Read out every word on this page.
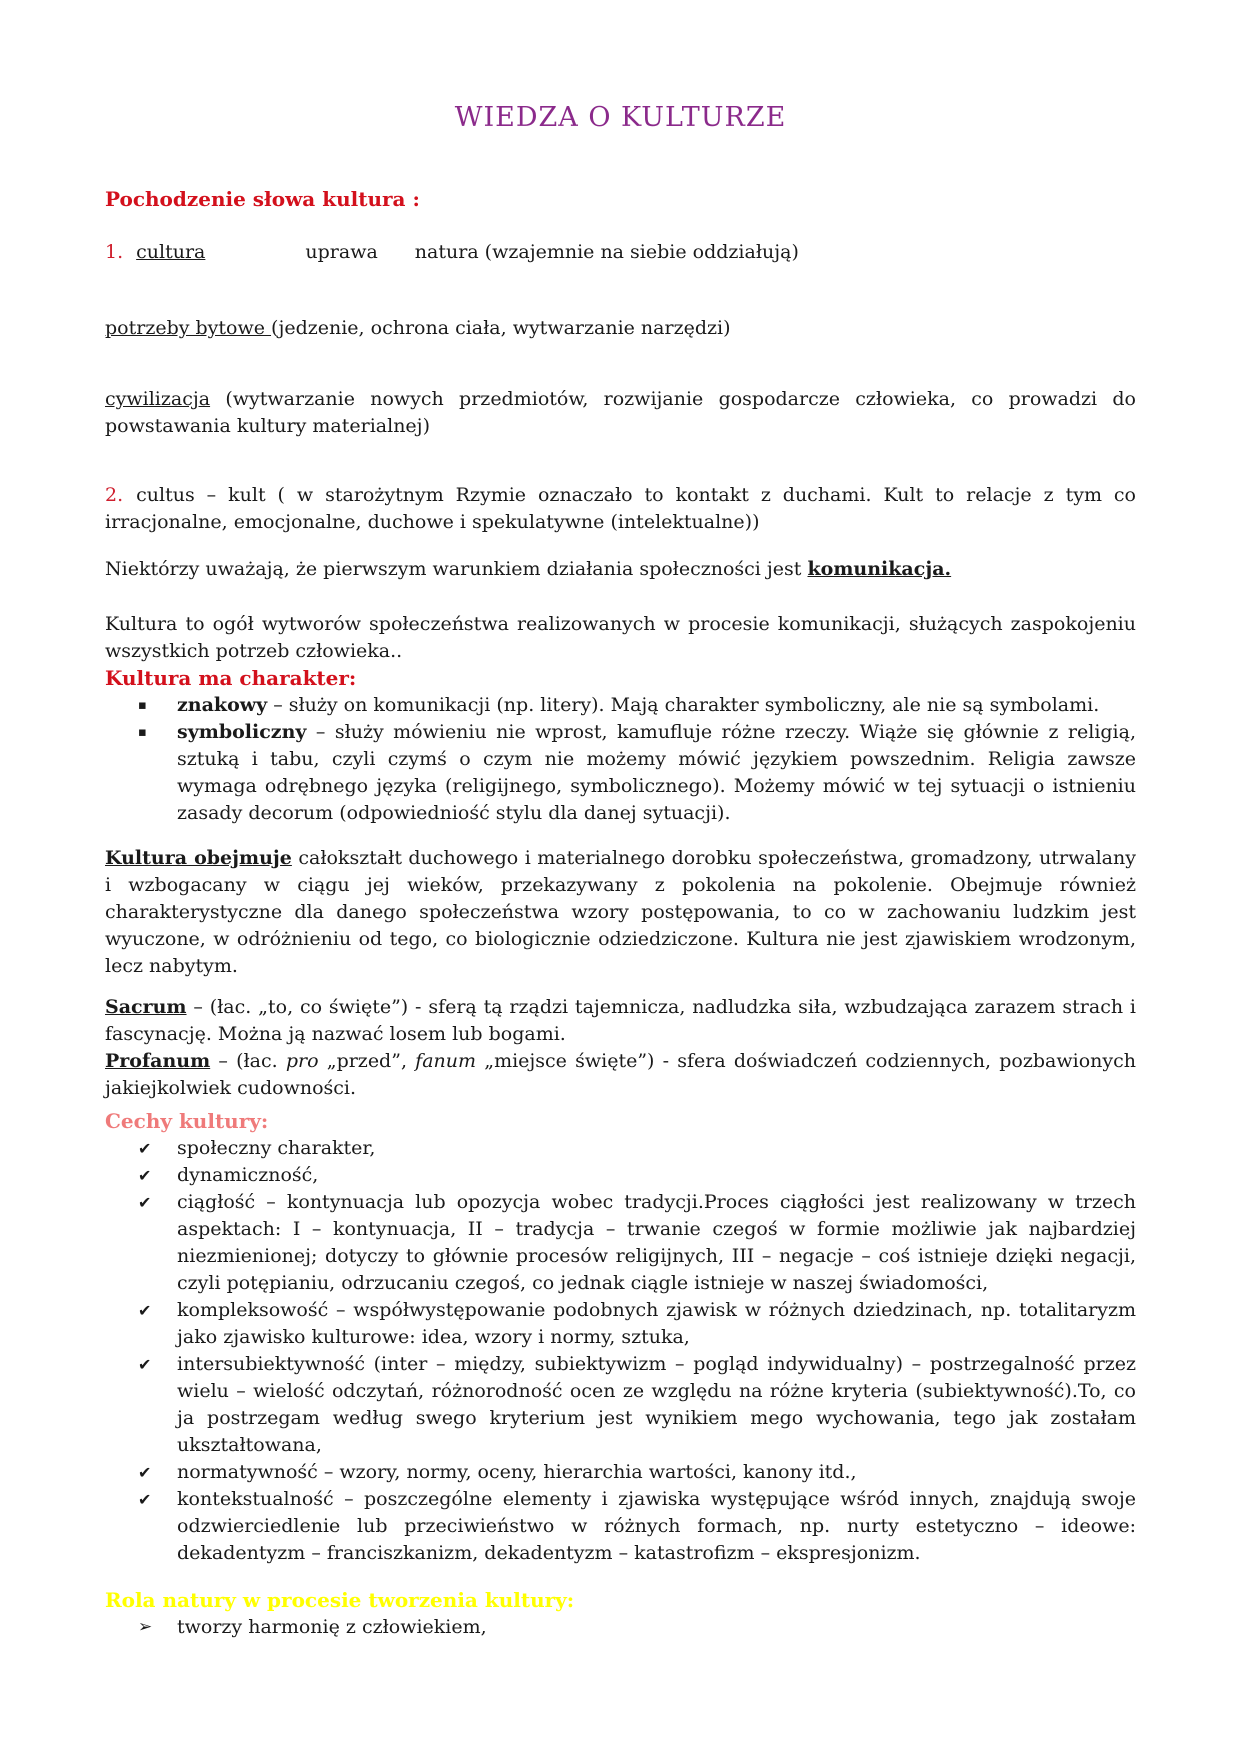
WIEDZA O KULTURZE

Pochodzenie słowa kultura :

1. cultura	uprawa natura (wzajemnie na siebie oddziałują)

potrzeby bytowe (jedzenie, ochrona ciała, wytwarzanie narzędzi)

cywilizacja (wytwarzanie nowych przedmiotów, rozwijanie gospodarcze człowieka, co prowadzi do powstawania kultury materialnej)

2. cultus – kult ( w starożytnym Rzymie oznaczało to kontakt z duchami. Kult to relacje z tym co irracjonalne, emocjonalne, duchowe i spekulatywne (intelektualne))

Niektórzy uważają, że pierwszym warunkiem działania społeczności jest komunikacja.

Kultura to ogół wytworów społeczeństwa realizowanych w procesie komunikacji, służących zaspokojeniu wszystkich potrzeb człowieka..

Kultura ma charakter:

▪	znakowy – służy on komunikacji (np. litery). Mają charakter symboliczny, ale nie są symbolami.
▪	symboliczny – służy mówieniu nie wprost, kamufluje różne rzeczy. Wiąże się głównie z religią, sztuką i tabu, czyli czymś o czym nie możemy mówić językiem powszednim. Religia zawsze wymaga odrębnego języka (religijnego, symbolicznego). Możemy mówić w tej sytuacji o istnieniu zasady decorum (odpowiedniość stylu dla danej sytuacji).

Kultura obejmuje całokształt duchowego i materialnego dorobku społeczeństwa, gromadzony, utrwalany i wzbogacany w ciągu jej wieków, przekazywany z pokolenia na pokolenie. Obejmuje również charakterystyczne dla danego społeczeństwa wzory postępowania, to co w zachowaniu ludzkim jest wyuczone, w odróżnieniu od tego, co biologicznie odziedziczone. Kultura nie jest zjawiskiem wrodzonym, lecz nabytym.

Sacrum – (łac. „to, co święte”) - sferą tą rządzi tajemnicza, nadludzka siła, wzbudzająca zarazem strach i fascynację. Można ją nazwać losem lub bogami.

Profanum – (łac. pro „przed”, fanum „miejsce święte”) - sfera doświadczeń codziennych, pozbawionych jakiejkolwiek cudowności.

Cechy kultury:

✔	społeczny charakter,
✔	dynamiczność,
✔	ciągłość – kontynuacja lub opozycja wobec tradycji.Proces ciągłości jest realizowany w trzech aspektach: I – kontynuacja, II – tradycja – trwanie czegoś w formie możliwie jak najbardziej niezmienionej; dotyczy to głównie procesów religijnych, III – negacje – coś istnieje dzięki negacji, czyli potępianiu, odrzucaniu czegoś, co jednak ciągle istnieje w naszej świadomości,
✔	kompleksowość – współwystępowanie podobnych zjawisk w różnych dziedzinach, np. totalitaryzm jako zjawisko kulturowe: idea, wzory i normy, sztuka,
✔	intersubiektywność (inter – między, subiektywizm – pogląd indywidualny) – postrzegalność przez wielu – wielość odczytań, różnorodność ocen ze względu na różne kryteria (subiektywność).To, co ja postrzegam według swego kryterium jest wynikiem mego wychowania, tego jak zostałam ukształtowana,
✔	normatywność – wzory, normy, oceny, hierarchia wartości, kanony itd.,
✔	kontekstualność – poszczególne elementy i zjawiska występujące wśród innych, znajdują swoje odzwierciedlenie lub przeciwieństwo w różnych formach, np. nurty estetyczno – ideowe: dekadentyzm – franciszkanizm, dekadentyzm – katastrofizm – ekspresjonizm.

Rola natury w procesie tworzenia kultury:

➢	tworzy harmonię z człowiekiem,
